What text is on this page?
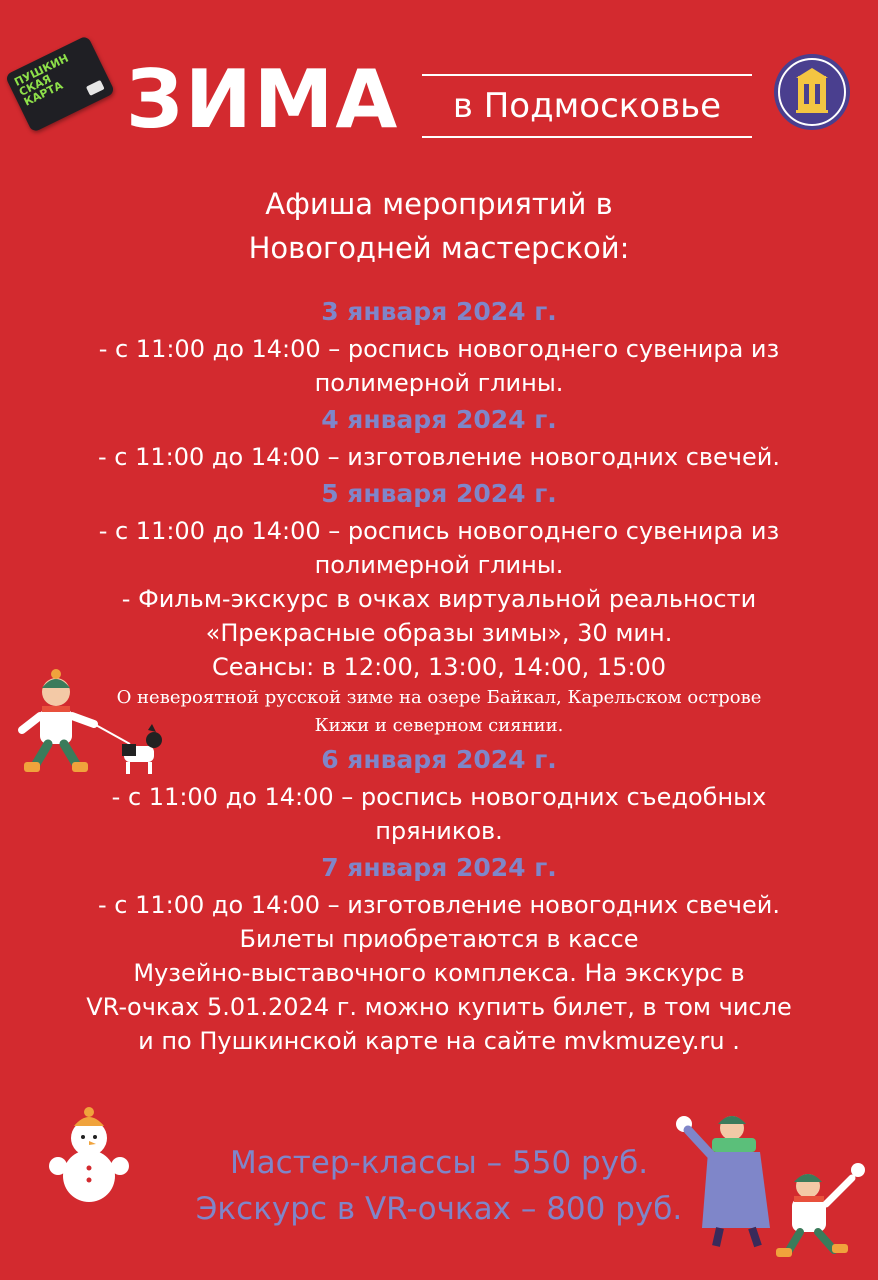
ПУШКИН
СКАЯ
КАРТА ЗИМА	в Подмосковье
Афиша мероприятий в
Новогодней мастерской:
3 января 2024 г.
- с 11:00 до 14:00 – роспись новогоднего сувенира из
полимерной глины.
4 января 2024 г.
- с 11:00 до 14:00 – изготовление новогодних свечей.
5 января 2024 г.
- с 11:00 до 14:00 – роспись новогоднего сувенира из
полимерной глины.
- Фильм-экскурс в очках виртуальной реальности
«Прекрасные образы зимы», 30 мин.
Сеансы: в 12:00, 13:00, 14:00, 15:00
О невероятной русской зиме на озере Байкал, Карельском острове
Кижи и северном сиянии.
6 января 2024 г.
- с 11:00 до 14:00 – роспись новогодних съедобных
пряников.
7 января 2024 г.
- с 11:00 до 14:00 – изготовление новогодних свечей.
Билеты приобретаются в кассе
Музейно-выставочного комплекса. На экскурс в
VR-очках 5.01.2024 г. можно купить билет, в том числе
и по Пушкинской карте на сайте mvkmuzey.ru .
Мастер-классы – 550 руб.
Экскурс в VR-очках – 800 руб.
